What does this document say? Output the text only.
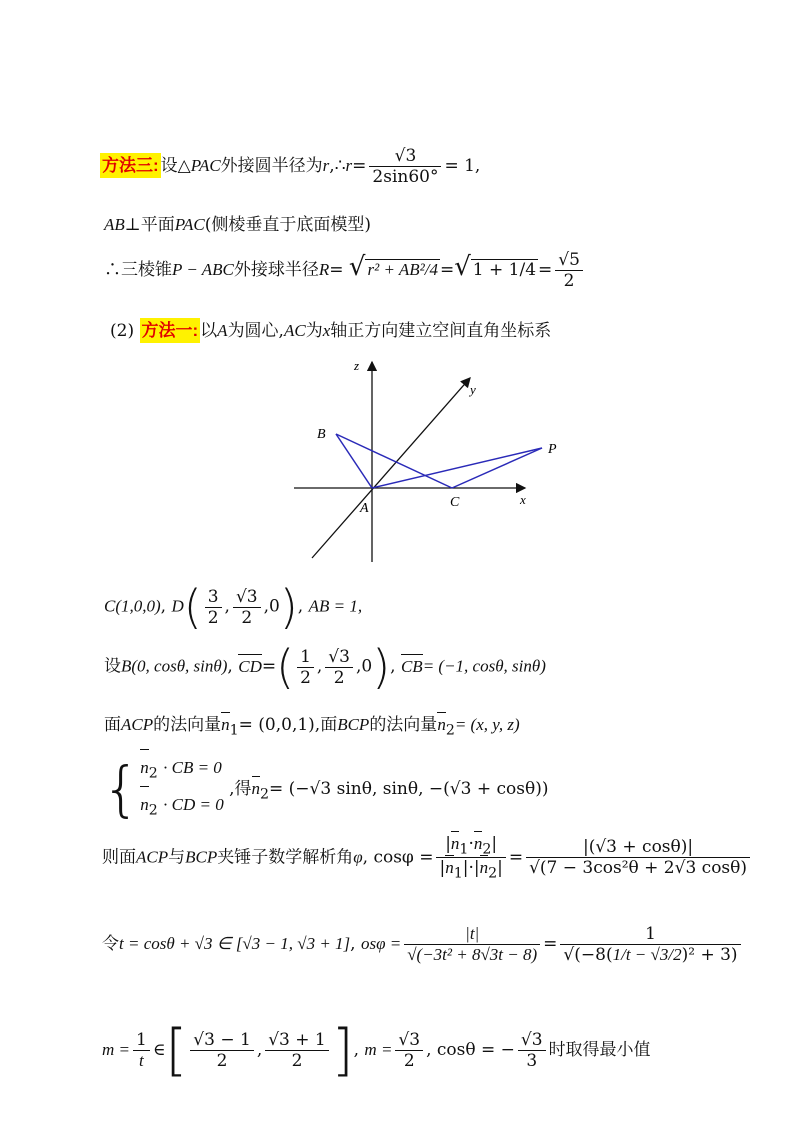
方法三: 设△PAC外接圆半径为r,∴r= $\frac{√3}{2\sin 60^\circ} = 1$,
AB⊥平面PAC(侧棱垂直于底面模型)
∴三棱锥P − ABC外接球半径R= √ r² + AB²/4 =√ $1 + 1/4 = \frac{√5}{2}$
(2) 方法一: 以A为圆心,AC为x轴正方向建立空间直角坐标系
z
y
x
B
P
A	C
C(1,0,0), $D( \frac{3}{2}$ , $\frac{√3}{2} ,0$), AB = 1,
设B(0, cosθ, sinθ), $CD=( \frac{1}{2}$ , $\frac{√3}{2} ,0$), CB= (−1, cosθ, sinθ)
面ACP的法向量$n_1= (0,0,1)$,面BCP的法向量$n_2= (x$, y, z)
{ $n_2$ · CB = 0
$n_2$ · CD = 0
,得$n_2= (-√3$ sinθ, sinθ, −(√3 + cosθ))
则面ACP与BCP夹锤子数学解析角φ, $\cos\varphi = \frac{|n_1\cdot n_2|}{|n_1|\cdot|n_2|} = \frac{|(√3 + \cos\theta)|}{\text{√(7 − 3cos²θ + 2√3 cosθ)}}$
令t = cosθ + √3 ∈ [√3 − 1, √3 + 1], $os\varphi = \frac{|t|}{\text{√(−3t² + 8√3t − 8)}} = \frac{1}{\text{√(−8(1/t − √3/2)² + 3)}}$
$m = \frac{1}{t}$ ∈[ $\frac{√3 - 1}{2}$ , $\frac{√3 + 1}{2}$ ], $m = \frac{√3}{2}$ , cosθ = − $\frac{√3}{3}$ 时取得最小值
